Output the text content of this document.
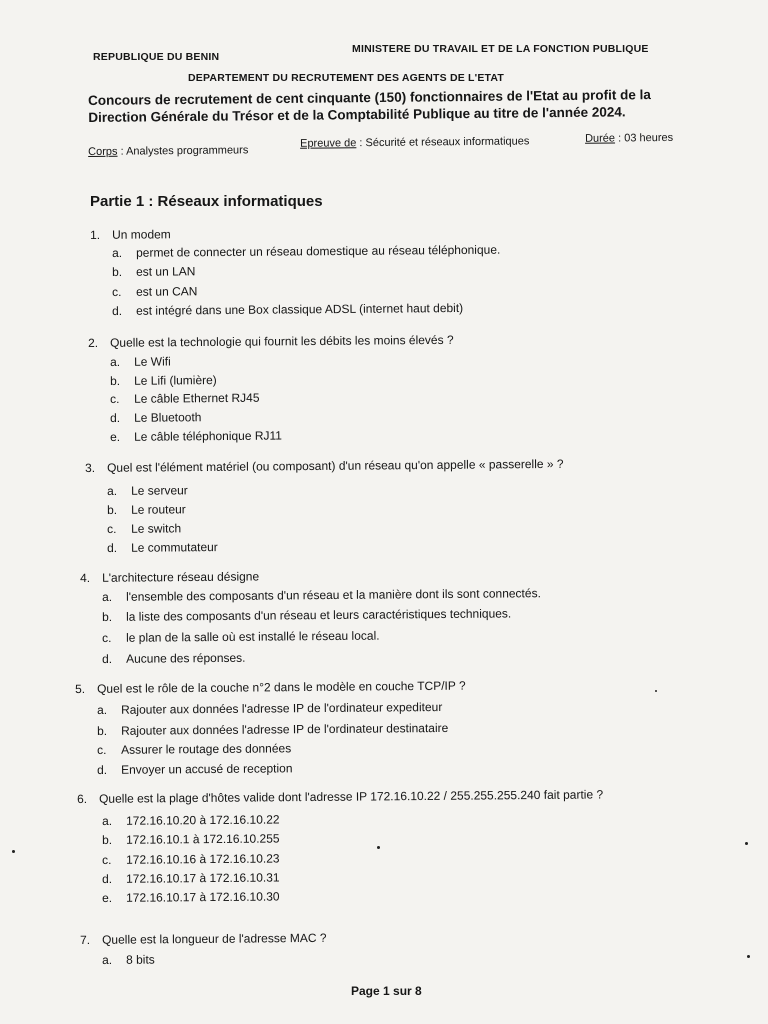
REPUBLIQUE DU BENIN
MINISTERE DU TRAVAIL ET DE LA FONCTION PUBLIQUE
DEPARTEMENT DU RECRUTEMENT DES AGENTS DE L'ETAT
Concours de recrutement de cent cinquante (150) fonctionnaires de l'Etat au profit de la
Direction Générale du Trésor et de la Comptabilité Publique au titre de l'année 2024.
Corps : Analystes programmeurs
Epreuve de : Sécurité et réseaux informatiques	Durée : 03 heures
Partie 1 : Réseaux informatiques
1. Un modem
a. permet de connecter un réseau domestique au réseau téléphonique.
b. est un LAN
c. est un CAN
d. est intégré dans une Box classique ADSL (internet haut debit)
2. Quelle est la technologie qui fournit les débits les moins élevés ?
a. Le Wifi
b. Le Lifi (lumière)
c. Le câble Ethernet RJ45
d. Le Bluetooth
e. Le câble téléphonique RJ11
3. Quel est l'élément matériel (ou composant) d'un réseau qu'on appelle « passerelle » ?
a. Le serveur
b. Le routeur
c. Le switch
d. Le commutateur
4. L'architecture réseau désigne
a. l'ensemble des composants d'un réseau et la manière dont ils sont connectés.
b. la liste des composants d'un réseau et leurs caractéristiques techniques.
c. le plan de la salle où est installé le réseau local.
d. Aucune des réponses.
5. Quel est le rôle de la couche n°2 dans le modèle en couche TCP/IP ?
a. Rajouter aux données l'adresse IP de l'ordinateur expediteur
b. Rajouter aux données l'adresse IP de l'ordinateur destinataire
c. Assurer le routage des données
d. Envoyer un accusé de reception
6. Quelle est la plage d'hôtes valide dont l'adresse IP 172.16.10.22 / 255.255.255.240 fait partie ?
a. 172.16.10.20 à 172.16.10.22
b. 172.16.10.1 à 172.16.10.255
c. 172.16.10.16 à 172.16.10.23
d. 172.16.10.17 à 172.16.10.31
e. 172.16.10.17 à 172.16.10.30
7. Quelle est la longueur de l'adresse MAC ?
a. 8 bits
Page 1 sur 8
